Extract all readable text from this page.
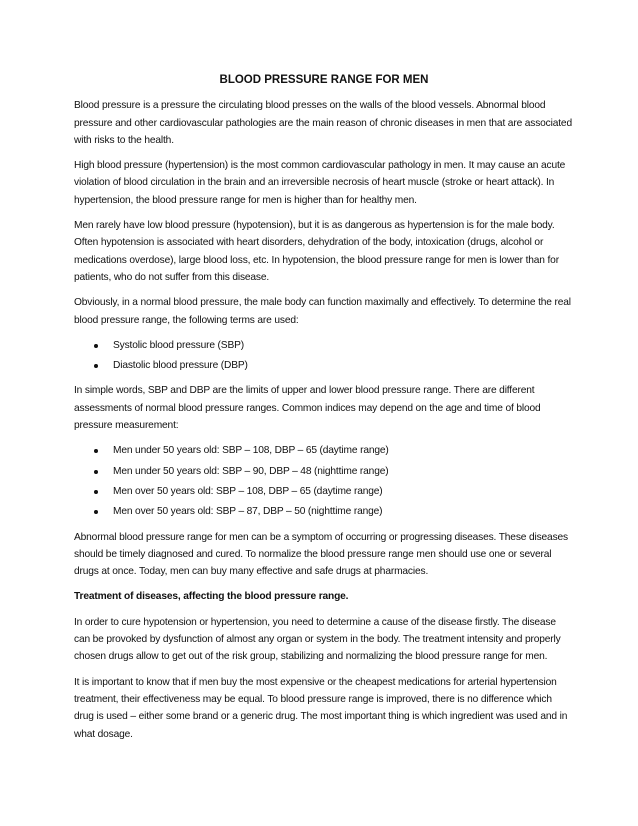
BLOOD PRESSURE RANGE FOR MEN

Blood pressure is a pressure the circulating blood presses on the walls of the blood vessels. Abnormal blood pressure and other cardiovascular pathologies are the main reason of chronic diseases in men that are associated with risks to the health.

High blood pressure (hypertension) is the most common cardiovascular pathology in men. It may cause an acute violation of blood circulation in the brain and an irreversible necrosis of heart muscle (stroke or heart attack). In hypertension, the blood pressure range for men is higher than for healthy men.

Men rarely have low blood pressure (hypotension), but it is as dangerous as hypertension is for the male body. Often hypotension is associated with heart disorders, dehydration of the body, intoxication (drugs, alcohol or medications overdose), large blood loss, etc. In hypotension, the blood pressure range for men is lower than for patients, who do not suffer from this disease.

Obviously, in a normal blood pressure, the male body can function maximally and effectively. To determine the real blood pressure range, the following terms are used:

Systolic blood pressure (SBP)
Diastolic blood pressure (DBP)

In simple words, SBP and DBP are the limits of upper and lower blood pressure range. There are different assessments of normal blood pressure ranges. Common indices may depend on the age and time of blood pressure measurement:

Men under 50 years old: SBP – 108, DBP – 65 (daytime range)
Men under 50 years old: SBP – 90, DBP – 48 (nighttime range)
Men over 50 years old: SBP – 108, DBP – 65 (daytime range)
Men over 50 years old: SBP – 87, DBP – 50 (nighttime range)

Abnormal blood pressure range for men can be a symptom of occurring or progressing diseases. These diseases should be timely diagnosed and cured. To normalize the blood pressure range men should use one or several drugs at once. Today, men can buy many effective and safe drugs at pharmacies.

Treatment of diseases, affecting the blood pressure range.

In order to cure hypotension or hypertension, you need to determine a cause of the disease firstly. The disease can be provoked by dysfunction of almost any organ or system in the body. The treatment intensity and properly chosen drugs allow to get out of the risk group, stabilizing and normalizing the blood pressure range for men.

It is important to know that if men buy the most expensive or the cheapest medications for arterial hypertension treatment, their effectiveness may be equal. To blood pressure range is improved, there is no difference which drug is used – either some brand or a generic drug. The most important thing is which ingredient was used and in what dosage.
